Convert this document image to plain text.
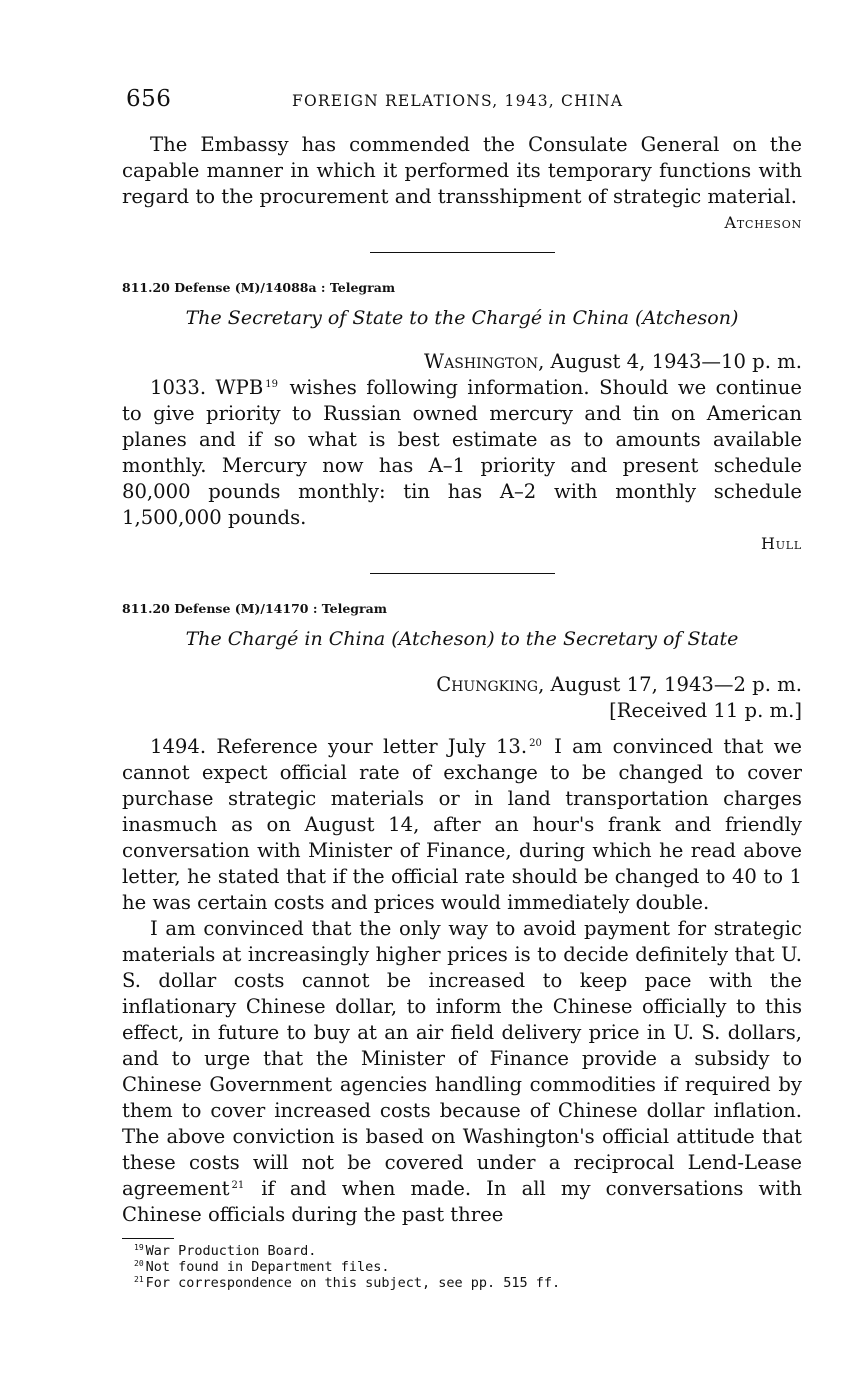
656	FOREIGN RELATIONS, 1943, CHINA

The Embassy has commended the Consulate General on the capable manner in which it performed its temporary functions with regard to the procurement and transshipment of strategic material.

Atcheson
811.20 Defense (M)/14088a : Telegram
The Secretary of State to the Chargé in China (Atcheson)
Washington, August 4, 1943—10 p. m.

1033. WPB $^{19}$ wishes following information. Should we continue to give priority to Russian owned mercury and tin on American planes and if so what is best estimate as to amounts available monthly. Mercury now has A–1 priority and present schedule 80,000 pounds monthly: tin has A–2 with monthly schedule 1,500,000 pounds.

Hull
811.20 Defense (M)/14170 : Telegram
The Chargé in China (Atcheson) to the Secretary of State
Chungking, August 17, 1943—2 p. m.
[Received 11 p. m.]

1494. Reference your letter July 13. $^{20}$ I am convinced that we cannot expect official rate of exchange to be changed to cover purchase strategic materials or in land transportation charges inasmuch as on August 14, after an hour's frank and friendly conversation with Minister of Finance, during which he read above letter, he stated that if the official rate should be changed to 40 to 1 he was certain costs and prices would immediately double.

I am convinced that the only way to avoid payment for strategic materials at increasingly higher prices is to decide definitely that U. S. dollar costs cannot be increased to keep pace with the inflationary Chinese dollar, to inform the Chinese officially to this effect, in future to buy at an air field delivery price in U. S. dollars, and to urge that the Minister of Finance provide a subsidy to Chinese Government agencies handling commodities if required by them to cover increased costs because of Chinese dollar inflation. The above conviction is based on Washington's official attitude that these costs will not be covered under a reciprocal Lend-Lease agreement $^{21}$ if and when made. In all my conversations with Chinese officials during the past three

$^{19}$ War Production Board.
$^{20}$ Not found in Department files.
$^{21}$ For correspondence on this subject, see pp. 515 ff.
